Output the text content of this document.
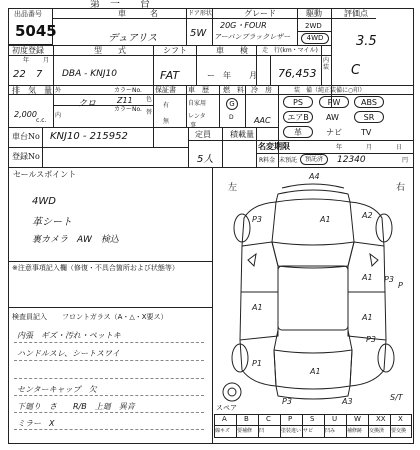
第　一　　台
出品番号
5045
車　　　名
デュアリス
ドア形状
5W
グレード
20G・FOUR
アーバンブラックレザー
駆動
2WD
4WD
評価点
3.5
初度登録
年 月
22 7
型　　式
DBA - KNJ10
シフト
FAT
車　　検
ー　年 月
走　行(km・マイル)
76,453
内装 C
排　気　量
2,000
c.c.
外
内
クロ
カラーNo.
Z11
カラーNo.
色
替
保証書
有
無
車　歴
自家用
レンタ
事
燃　料
G
D
冷　房
AAC
装　備（純正装備に○印）
PS	PW	ABS
エアB	AW	SR
革	ナビ TV
車台No KNJ10 - 215952
登録No
定員
5人
積載量
名変期限	年	月	日
R料金 未預託	預託済	12340	円
セールスポイント
4WD
革シート
裏カメラ　AW　検込
※注意事項記入欄（修復・不具合箇所および状態等）
検査員記入 フロントガラス（A・△・X要ス）
内張　ギズ・汚れ・ペットキ
ハンドルスレ、シートスワイ
センターキャップ　欠
下廻り　さ　　R/B　上廻　異音
ミラー　X
左	右
A4
P3	A1	A2
A1 P3
P
A1
A1
P3
P1
A1
P3	A3	S/T
スペア
A
線キズ
B
要補修
C
凹
P
塗装違い
S
サビ
U
凹み
W
補修跡
XX
交換済
X
要交換
